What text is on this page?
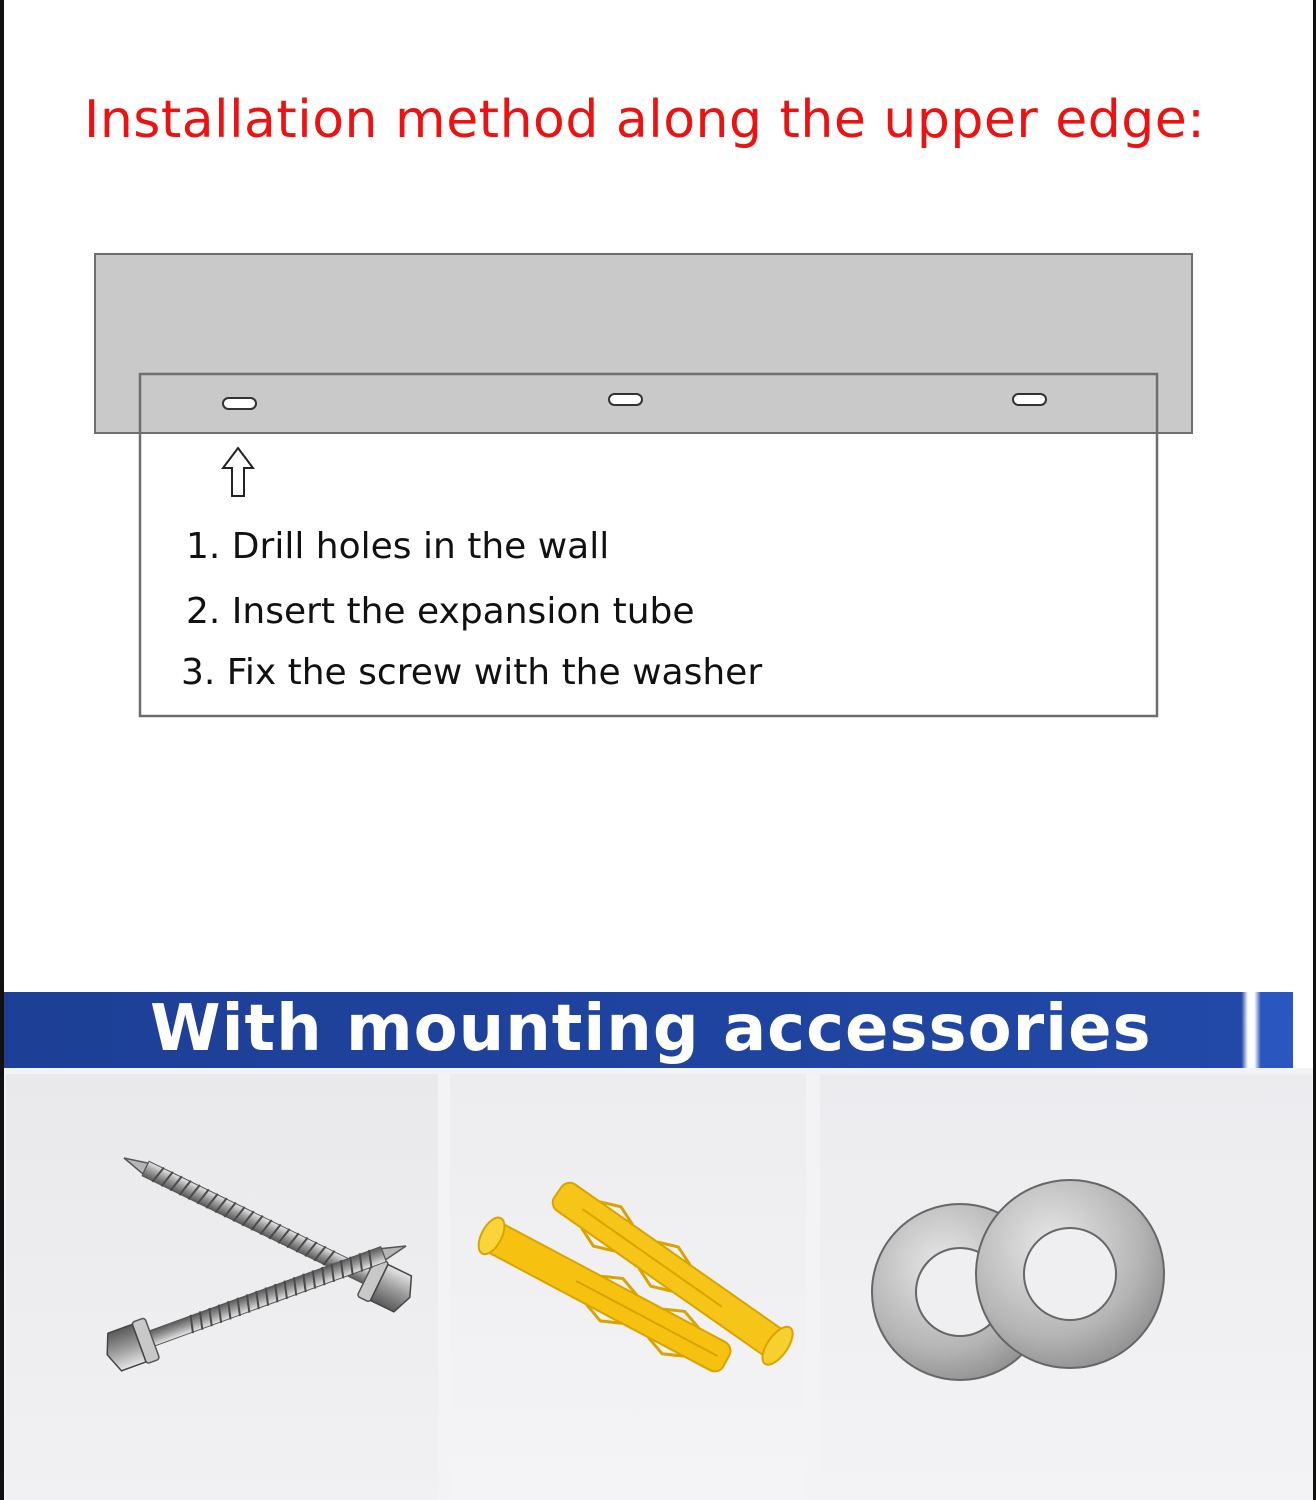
Installation method along the upper edge:
1. Drill holes in the wall
2. Insert the expansion tube
3. Fix the screw with the washer
With mounting accessories
